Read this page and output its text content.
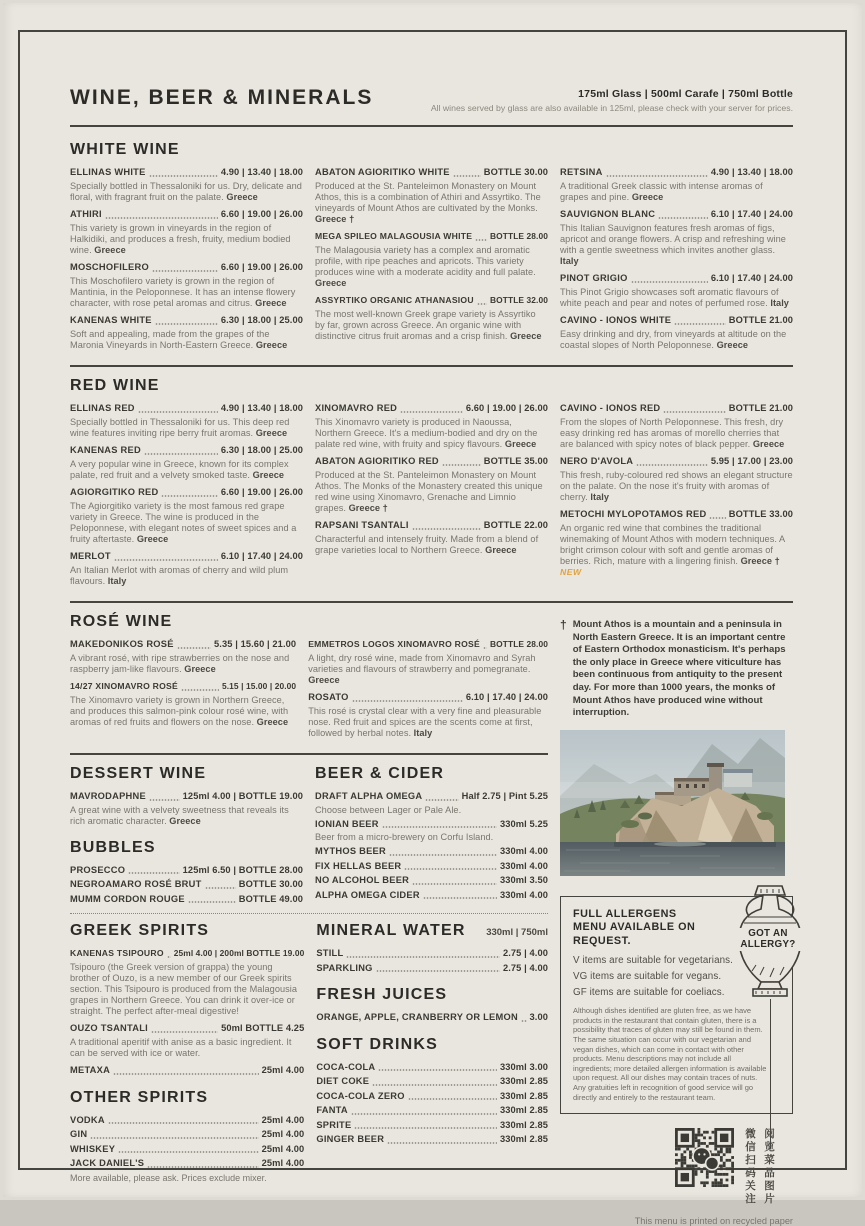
WINE, BEER & MINERALS	175ml Glass | 500ml Carafe | 750ml Bottle
All wines served by glass are also available in 125ml, please check with your server for prices.
WHITE WINE
ELLINAS WHITE	4.90 | 13.40 | 18.00
Specially bottled in Thessaloniki for us. Dry, delicate and floral, with fragrant fruit on the palate. Greece
ATHIRI	6.60 | 19.00 | 26.00
This variety is grown in vineyards in the region of Halkidiki, and produces a fresh, fruity, medium bodied wine. Greece
MOSCHOFILERO	6.60 | 19.00 | 26.00
This Moschofilero variety is grown in the region of Mantinia, in the Peloponnese. It has an intense flowery character, with rose petal aromas and citrus. Greece
KANENAS WHITE	6.30 | 18.00 | 25.00
Soft and appealing, made from the grapes of the Maronia Vineyards in North-Eastern Greece. Greece
ABATON AGIORITIKO WHITE	BOTTLE 30.00
Produced at the St. Panteleimon Monastery on Mount Athos, this is a combination of Athiri and Assyrtiko. The vineyards of Mount Athos are cultivated by the Monks. Greece †
MEGA SPILEO MALAGOUSIA WHITE BOTTLE 28.00
The Malagousia variety has a complex and aromatic profile, with ripe peaches and apricots. This variety produces wine with a moderate acidity and full palate. Greece
ASSYRTIKO ORGANIC ATHANASIOU BOTTLE 32.00
The most well-known Greek grape variety is Assyrtiko by far, grown across Greece. An organic wine with distinctive citrus fruit aromas and a crisp finish. Greece
RETSINA	4.90 | 13.40 | 18.00
A traditional Greek classic with intense aromas of grapes and pine. Greece
SAUVIGNON BLANC	6.10 | 17.40 | 24.00
This Italian Sauvignon features fresh aromas of figs, apricot and orange flowers. A crisp and refreshing wine with a gentle sweetness which invites another glass. Italy
PINOT GRIGIO	6.10 | 17.40 | 24.00
This Pinot Grigio showcases soft aromatic flavours of white peach and pear and notes of perfumed rose. Italy
CAVINO - IONOS WHITE	BOTTLE 21.00
Easy drinking and dry, from vineyards at altitude on the coastal slopes of North Peloponnese. Greece
RED WINE
ELLINAS RED	4.90 | 13.40 | 18.00
Specially bottled in Thessaloniki for us. This deep red wine features inviting ripe berry fruit aromas. Greece
KANENAS RED	6.30 | 18.00 | 25.00
A very popular wine in Greece, known for its complex palate, red fruit and a velvety smoked taste. Greece
AGIORGITIKO RED	6.60 | 19.00 | 26.00
The Agiorgitiko variety is the most famous red grape variety in Greece. The wine is produced in the Peloponnese, with elegant notes of sweet spices and a fruity aftertaste. Greece
MERLOT	6.10 | 17.40 | 24.00
An Italian Merlot with aromas of cherry and wild plum flavours. Italy
XINOMAVRO RED	6.60 | 19.00 | 26.00
This Xinomavro variety is produced in Naoussa, Northern Greece. It's a medium-bodied and dry on the palate red wine, with fruity and spicy flavours. Greece
ABATON AGIORITIKO RED	BOTTLE 35.00
Produced at the St. Panteleimon Monastery on Mount Athos. The Monks of the Monastery created this unique red wine using Xinomavro, Grenache and Limnio grapes. Greece †
RAPSANI TSANTALI	BOTTLE 22.00
Characterful and intensely fruity. Made from a blend of grape varieties local to Northern Greece. Greece
CAVINO - IONOS RED	BOTTLE 21.00
From the slopes of North Peloponnese. This fresh, dry easy drinking red has aromas of morello cherries that are balanced with spicy notes of black pepper. Greece
NERO D'AVOLA	5.95 | 17.00 | 23.00
This fresh, ruby-coloured red shows an elegant structure on the palate. On the nose it's fruity with aromas of cherry. Italy
METOCHI MYLOPOTAMOS RED BOTTLE 33.00
An organic red wine that combines the traditional winemaking of Mount Athos with modern techniques. A bright crimson colour with soft and gentle aromas of berries. Rich, mature with a lingering finish. Greece † NEW
ROSÉ WINE
MAKEDONIKOS ROSÉ	5.35 | 15.60 | 21.00
A vibrant rosé, with ripe strawberries on the nose and raspberry jam-like flavours. Greece
14/27 XINOMAVRO ROSÉ	5.15 | 15.00 | 20.00
The Xinomavro variety is grown in Northern Greece, and produces this salmon-pink colour rosé wine, with aromas of red fruits and flowers on the nose. Greece
EMMETROS LOGOS XINOMAVRO ROSÉ BOTTLE 28.00
A light, dry rosé wine, made from Xinomavro and Syrah varieties and flavours of strawberry and pomegranate. Greece
ROSATO	6.10 | 17.40 | 24.00
This rosé is crystal clear with a very fine and pleasurable nose. Red fruit and spices are the scents come at first, followed by herbal notes. Italy
DESSERT WINE
MAVRODAPHNE	125ml 4.00 | BOTTLE 19.00
A great wine with a velvety sweetness that reveals its rich aromatic character. Greece
BUBBLES
PROSECCO	125ml 6.50 | BOTTLE 28.00
NEGROAMARO ROSÉ BRUT	BOTTLE 30.00
MUMM CORDON ROUGE	BOTTLE 49.00
BEER & CIDER
DRAFT ALPHA OMEGA	Half 2.75 | Pint 5.25
Choose between Lager or Pale Ale.
IONIAN BEER	330ml 5.25
Beer from a micro-brewery on Corfu Island.
MYTHOS BEER	330ml 4.00
FIX HELLAS BEER	330ml 4.00
NO ALCOHOL BEER	330ml 3.50
ALPHA OMEGA CIDER	330ml 4.00
GREEK SPIRITS
KANENAS TSIPOURO 25ml 4.00 | 200ml BOTTLE 19.00
Tsipouro (the Greek version of grappa) the young brother of Ouzo, is a new member of our Greek spirits section. This Tsipouro is produced from the Malagousia grapes in Northern Greece. You can drink it over-ice or straight. The perfect after-meal digestive!
OUZO TSANTALI	50ml BOTTLE 4.25
A traditional aperitif with anise as a basic ingredient. It can be served with ice or water.
METAXA	25ml 4.00
OTHER SPIRITS
VODKA	25ml 4.00
GIN	25ml 4.00
WHISKEY	25ml 4.00
JACK DANIEL'S	25ml 4.00
More available, please ask. Prices exclude mixer.
MINERAL WATER 330ml | 750ml
STILL	2.75 | 4.00
SPARKLING	2.75 | 4.00
FRESH JUICES
ORANGE, APPLE, CRANBERRY OR LEMON 3.00
SOFT DRINKS
COCA-COLA	330ml 3.00
DIET COKE	330ml 2.85
COCA-COLA ZERO	330ml 2.85
FANTA	330ml 2.85
SPRITE	330ml 2.85
GINGER BEER	330ml 2.85
† Mount Athos is a mountain and a peninsula in North Eastern Greece. It is an important centre of Eastern Orthodox monasticism. It's perhaps the only place in Greece where viticulture has been continuous from antiquity to the present day. For more than 1000 years, the monks of Mount Athos have produced wine without interruption.
FULL ALLERGENS MENU AVAILABLE ON REQUEST.
V items are suitable for vegetarians.
VG items are suitable for vegans.
GF items are suitable for coeliacs.
Although dishes identified are gluten free, as we have products in the restaurant that contain gluten, there is a possibility that traces of gluten may still be found in them. The same situation can occur with our vegetarian and vegan dishes, which can come in contact with other products. Menu descriptions may not include all ingredients; more detailed allergen information is available upon request. All our dishes may contain traces of nuts. Any gratuities left in recognition of good service will go directly and entirely to the restaurant team.
GOT AN ALLERGY?
微信扫码关注 阅览菜品图片
This menu is printed on recycled paper
